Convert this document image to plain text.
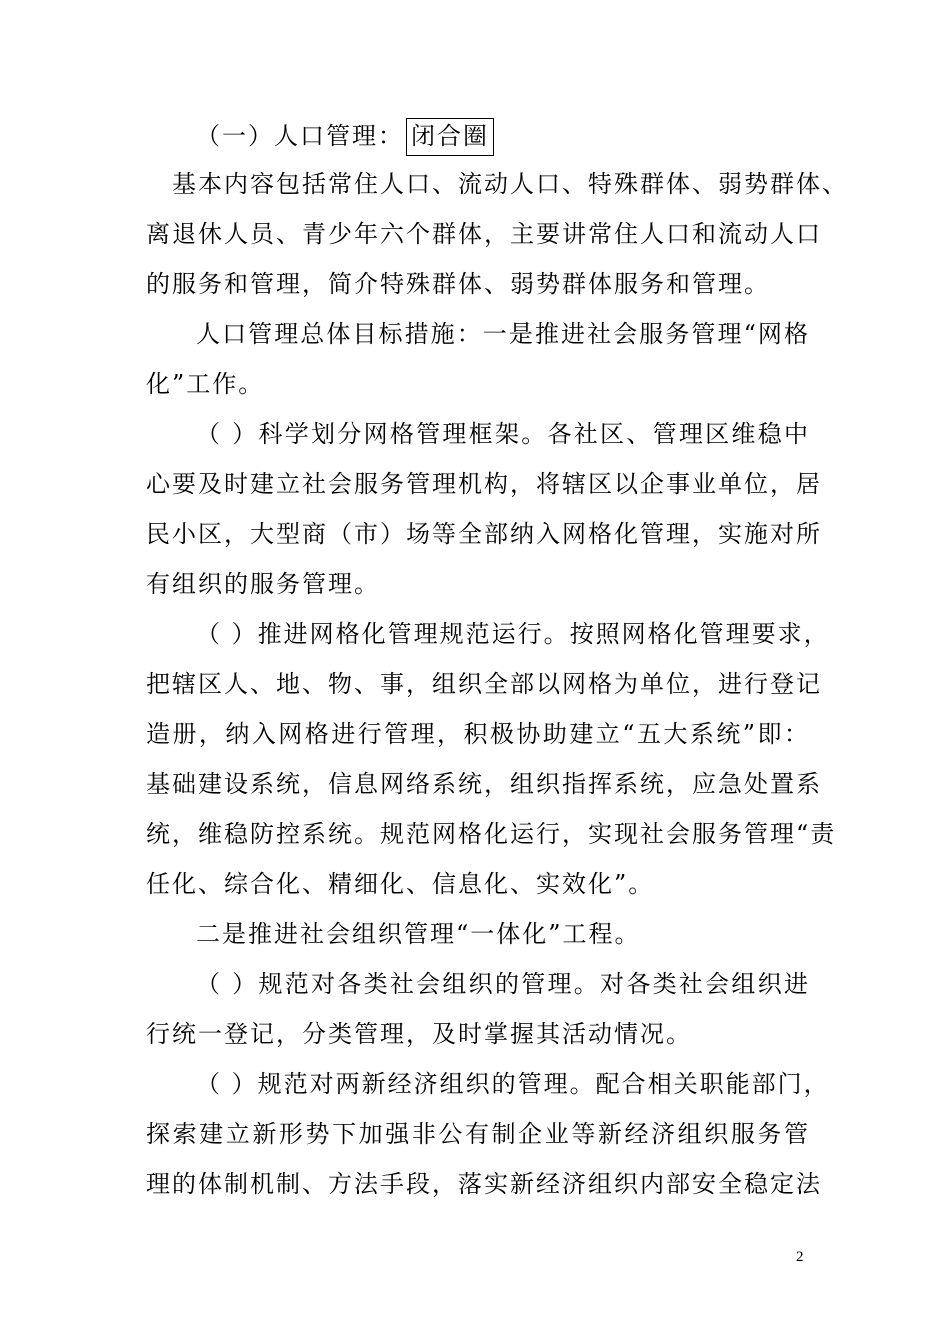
（一）人口管理： 闭合圈
基本内容包括常住人口、流动人口、特殊群体、弱势群体、
离退休人员、青少年六个群体，主要讲常住人口和流动人口
的服务和管理，简介特殊群体、弱势群体服务和管理。
人口管理总体目标措施：一是推进社会服务管理“网格
化”工作。
（ ）科学划分网格管理框架。各社区、管理区维稳中
心要及时建立社会服务管理机构，将辖区以企事业单位，居
民小区，大型商（市）场等全部纳入网格化管理，实施对所
有组织的服务管理。
（ ）推进网格化管理规范运行。按照网格化管理要求，
把辖区人、地、物、事，组织全部以网格为单位，进行登记
造册，纳入网格进行管理，积极协助建立“五大系统”即：
基础建设系统，信息网络系统，组织指挥系统，应急处置系
统，维稳防控系统。规范网格化运行，实现社会服务管理“责
任化、综合化、精细化、信息化、实效化”。
二是推进社会组织管理“一体化”工程。
（ ）规范对各类社会组织的管理。对各类社会组织进
行统一登记，分类管理，及时掌握其活动情况。
（ ）规范对两新经济组织的管理。配合相关职能部门，
探索建立新形势下加强非公有制企业等新经济组织服务管
理的体制机制、方法手段，落实新经济组织内部安全稳定法
2
